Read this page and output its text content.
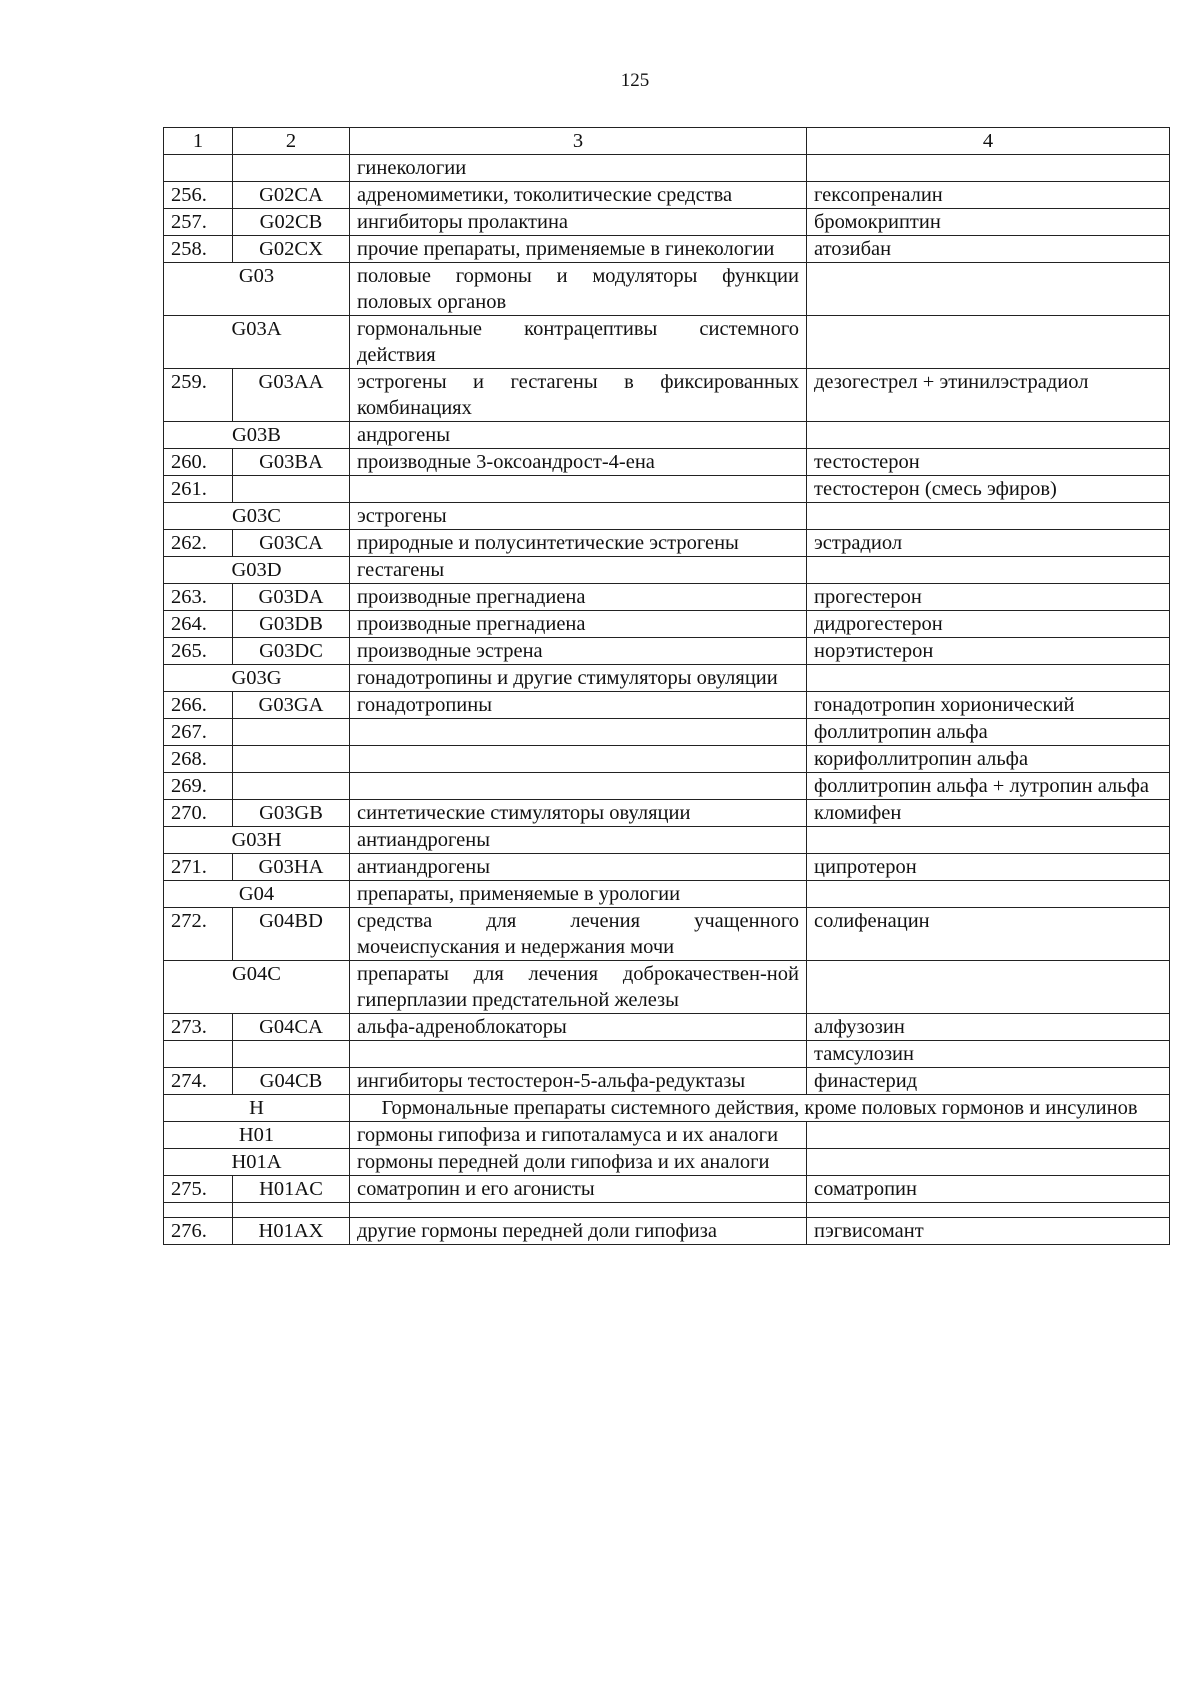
125
1	2	3	4
		гинекологии	
256.	G02CA	адреномиметики, токолитические средства	гексопреналин
257.	G02CB	ингибиторы пролактина	бромокриптин
258.	G02CX	прочие препараты, применяемые в гинекологии	атозибан
G03		половые гормоны и модуляторы функции половых органов	
G03A		гормональные контрацептивы системного действия	
259.	G03AA	эстрогены и гестагены в фиксированных комбинациях	дезогестрел + этинилэстрадиол
G03B		андрогены	
260.	G03BA	производные 3-оксоандрост-4-ена	тестостерон
261.			тестостерон (смесь эфиров)
G03C		эстрогены	
262.	G03CA	природные и полусинтетические эстрогены	эстрадиол
G03D		гестагены	
263.	G03DA	производные прегнадиена	прогестерон
264.	G03DB	производные прегнадиена	дидрогестерон
265.	G03DC	производные эстрена	норэтистерон
G03G		гонадотропины и другие стимуляторы овуляции	
266.	G03GA	гонадотропины	гонадотропин хорионический
267.			фоллитропин альфа
268.			корифоллитропин альфа
269.			фоллитропин альфа + лутропин альфа
270.	G03GB	синтетические стимуляторы овуляции	кломифен
G03H		антиандрогены	
271.	G03HA	антиандрогены	ципротерон
G04		препараты, применяемые в урологии	
272.	G04BD	средства для лечения учащенного мочеиспускания и недержания мочи	солифенацин
G04C		препараты для лечения доброкачествен-ной гиперплазии предстательной железы	
273.	G04CA	альфа-адреноблокаторы	алфузозин
			тамсулозин
274.	G04CB	ингибиторы тестостерон-5-альфа-редуктазы	финастерид
H		Гормональные препараты системного действия, кроме половых гормонов и инсулинов	
H01		гормоны гипофиза и гипоталамуса и их аналоги	
H01A		гормоны передней доли гипофиза и их аналоги	
275.	H01AC	соматропин и его агонисты	соматропин

276.	H01AX	другие гормоны передней доли гипофиза	пэгвисомант
